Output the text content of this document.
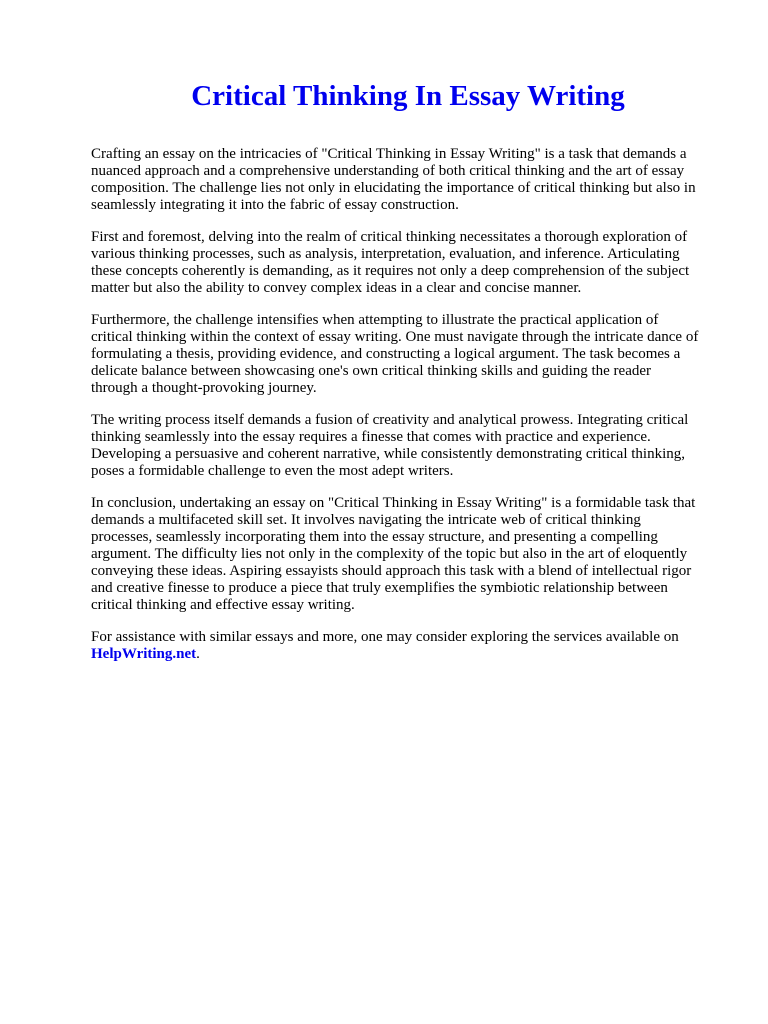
Critical Thinking In Essay Writing

Crafting an essay on the intricacies of "Critical Thinking in Essay Writing" is a task that demands a
nuanced approach and a comprehensive understanding of both critical thinking and the art of essay
composition. The challenge lies not only in elucidating the importance of critical thinking but also in
seamlessly integrating it into the fabric of essay construction.

First and foremost, delving into the realm of critical thinking necessitates a thorough exploration of
various thinking processes, such as analysis, interpretation, evaluation, and inference. Articulating
these concepts coherently is demanding, as it requires not only a deep comprehension of the subject
matter but also the ability to convey complex ideas in a clear and concise manner.

Furthermore, the challenge intensifies when attempting to illustrate the practical application of
critical thinking within the context of essay writing. One must navigate through the intricate dance of
formulating a thesis, providing evidence, and constructing a logical argument. The task becomes a
delicate balance between showcasing one's own critical thinking skills and guiding the reader
through a thought-provoking journey.

The writing process itself demands a fusion of creativity and analytical prowess. Integrating critical
thinking seamlessly into the essay requires a finesse that comes with practice and experience.
Developing a persuasive and coherent narrative, while consistently demonstrating critical thinking,
poses a formidable challenge to even the most adept writers.

In conclusion, undertaking an essay on "Critical Thinking in Essay Writing" is a formidable task that
demands a multifaceted skill set. It involves navigating the intricate web of critical thinking
processes, seamlessly incorporating them into the essay structure, and presenting a compelling
argument. The difficulty lies not only in the complexity of the topic but also in the art of eloquently
conveying these ideas. Aspiring essayists should approach this task with a blend of intellectual rigor
and creative finesse to produce a piece that truly exemplifies the symbiotic relationship between
critical thinking and effective essay writing.

For assistance with similar essays and more, one may consider exploring the services available on
HelpWriting.net.
